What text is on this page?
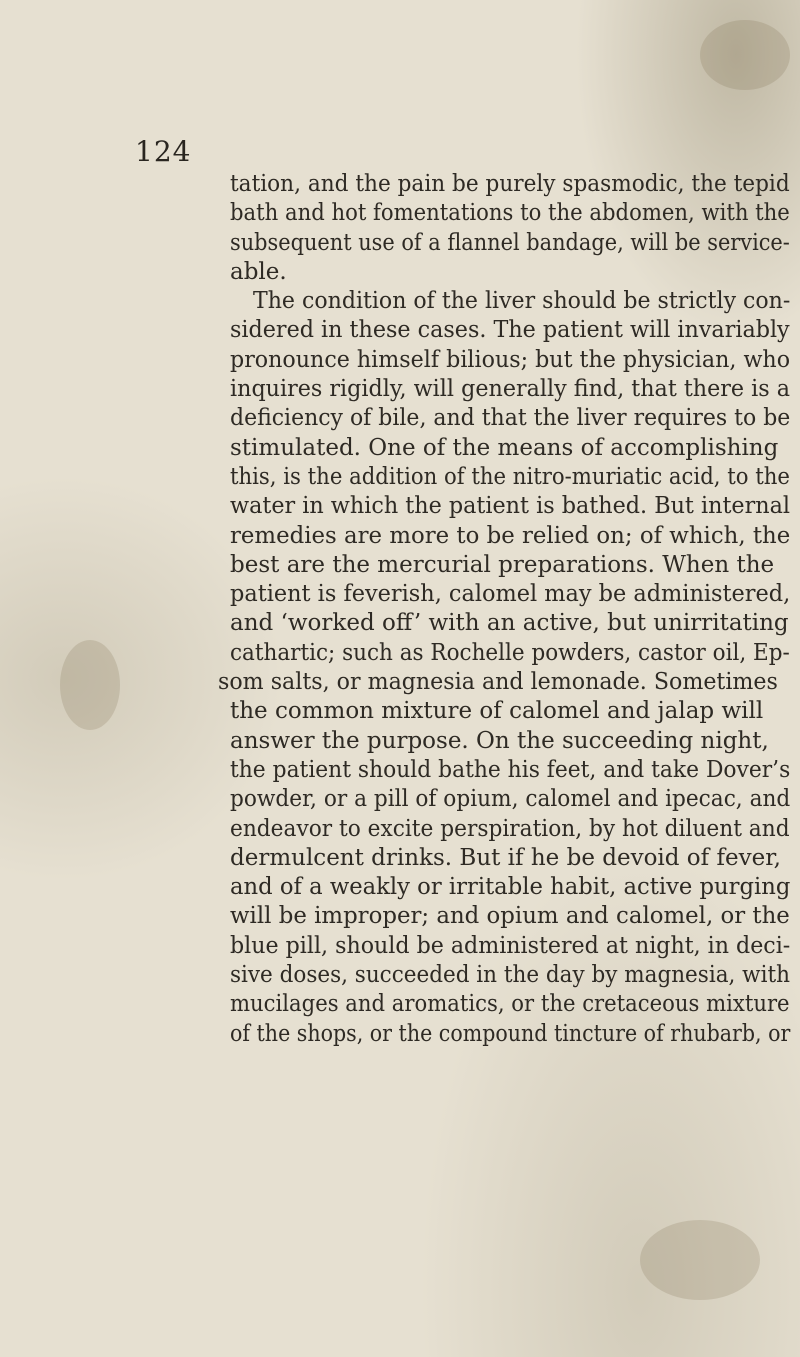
124
tation, and the pain be purely spasmodic, the tepid
bath and hot fomentations to the abdomen, with the
subsequent use of a flannel bandage, will be service-
able.
The condition of the liver should be strictly con-
sidered in these cases. The patient will invariably
pronounce himself bilious; but the physician, who
inquires rigidly, will generally find, that there is a
deficiency of bile, and that the liver requires to be
stimulated. One of the means of accomplishing
this, is the addition of the nitro-muriatic acid, to the
water in which the patient is bathed. But internal
remedies are more to be relied on; of which, the
best are the mercurial preparations. When the
patient is feverish, calomel may be administered,
and ‘worked off’ with an active, but unirritating
cathartic; such as Rochelle powders, castor oil, Ep-
som salts, or magnesia and lemonade. Sometimes
the common mixture of calomel and jalap will
answer the purpose. On the succeeding night,
the patient should bathe his feet, and take Dover’s
powder, or a pill of opium, calomel and ipecac, and
endeavor to excite perspiration, by hot diluent and
dermulcent drinks. But if he be devoid of fever,
and of a weakly or irritable habit, active purging
will be improper; and opium and calomel, or the
blue pill, should be administered at night, in deci-
sive doses, succeeded in the day by magnesia, with
mucilages and aromatics, or the cretaceous mixture
of the shops, or the compound tincture of rhubarb, or
